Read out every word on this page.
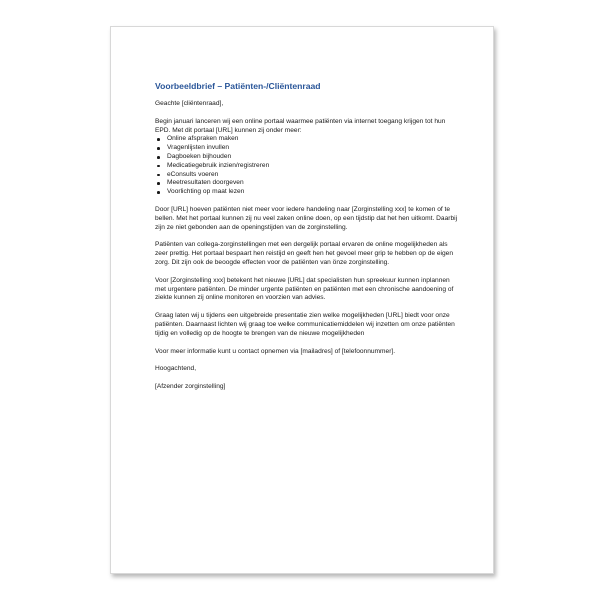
Voorbeeldbrief – Patiënten-/Cliëntenraad

Geachte [cliëntenraad],

Begin januari lanceren wij een online portaal waarmee patiënten via internet toegang krijgen tot hun EPD. Met dit portaal [URL] kunnen zij onder meer:
Online afspraken maken
Vragenlijsten invullen
Dagboeken bijhouden
Medicatiegebruik inzien/registreren
eConsults voeren
Meetresultaten doorgeven
Voorlichting op maat lezen

Door [URL] hoeven patiënten niet meer voor iedere handeling naar [Zorginstelling xxx] te komen of te bellen. Met het portaal kunnen zij nu veel zaken online doen, op een tijdstip dat het hen uitkomt. Daarbij zijn ze niet gebonden aan de openingstijden van de zorginstelling.

Patiënten van collega-zorginstellingen met een dergelijk portaal ervaren de online mogelijkheden als zeer prettig. Het portaal bespaart hen reistijd en geeft hen het gevoel meer grip te hebben op de eigen zorg. Dit zijn ook de beoogde effecten voor de patiënten van önze zorginstelling.

Voor [Zorginstelling xxx] betekent het nieuwe [URL] dat specialisten hun spreekuur kunnen inplannen met urgentere patiënten. De minder urgente patiënten en patiënten met een chronische aandoening of ziekte kunnen zij online monitoren en voorzien van advies.

Graag laten wij u tijdens een uitgebreide presentatie zien welke mogelijkheden [URL] biedt voor onze patiënten. Daarnaast lichten wij graag toe welke communicatiemiddelen wij inzetten om onze patiënten tijdig en volledig op de hoogte te brengen van de nieuwe mogelijkheden

Voor meer informatie kunt u contact opnemen via [mailadres] of [telefoonnummer].

Hoogachtend,

[Afzender zorginstelling]
